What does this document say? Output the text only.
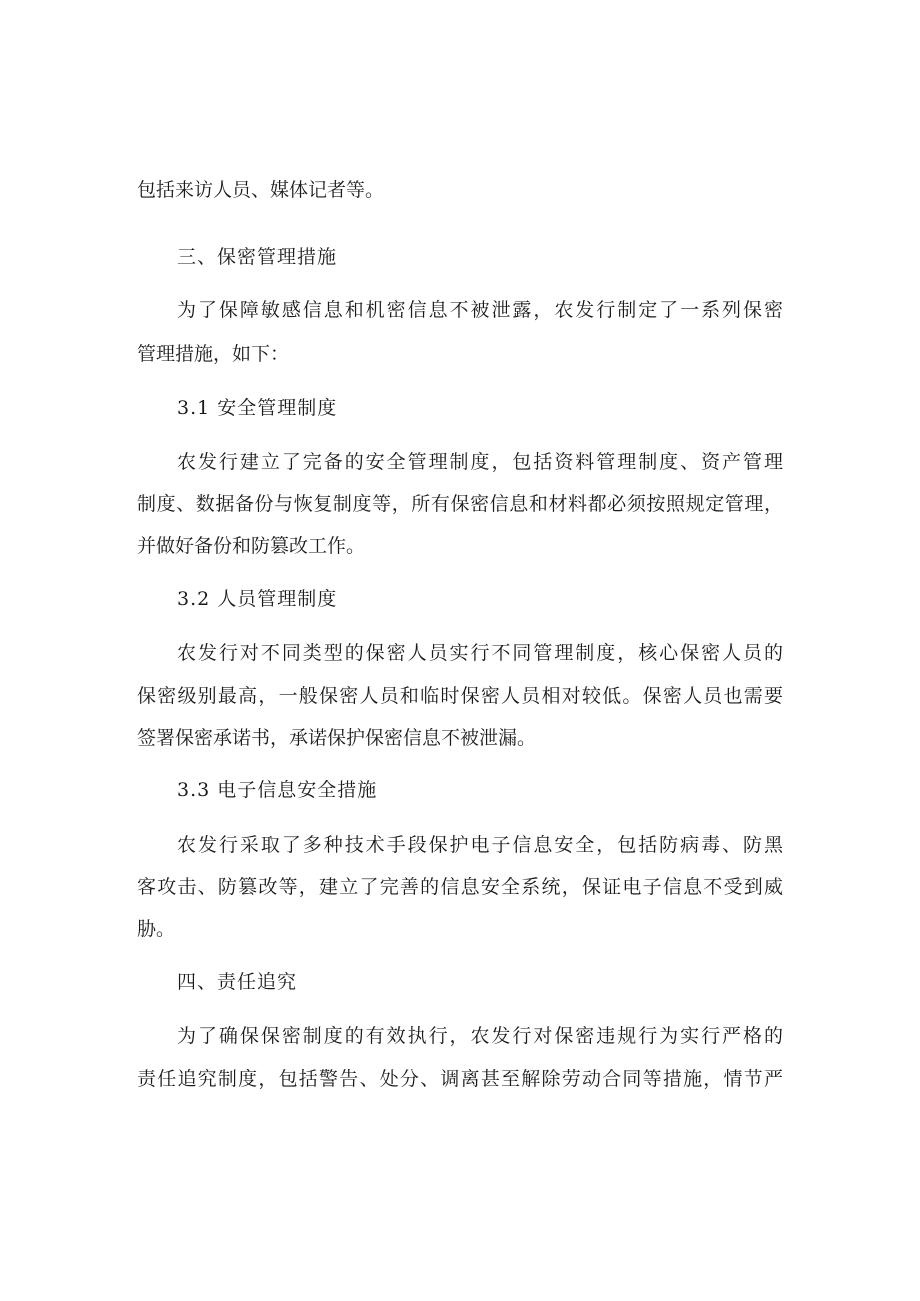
包括来访人员、媒体记者等。
三、保密管理措施
为了保障敏感信息和机密信息不被泄露，农发行制定了一系列保密
管理措施，如下：
3.1 安全管理制度
农发行建立了完备的安全管理制度，包括资料管理制度、资产管理
制度、数据备份与恢复制度等，所有保密信息和材料都必须按照规定管理，
并做好备份和防篡改工作。
3.2 人员管理制度
农发行对不同类型的保密人员实行不同管理制度，核心保密人员的
保密级别最高，一般保密人员和临时保密人员相对较低。保密人员也需要
签署保密承诺书，承诺保护保密信息不被泄漏。
3.3 电子信息安全措施
农发行采取了多种技术手段保护电子信息安全，包括防病毒、防黑
客攻击、防篡改等，建立了完善的信息安全系统，保证电子信息不受到威
胁。
四、责任追究
为了确保保密制度的有效执行，农发行对保密违规行为实行严格的
责任追究制度，包括警告、处分、调离甚至解除劳动合同等措施，情节严
